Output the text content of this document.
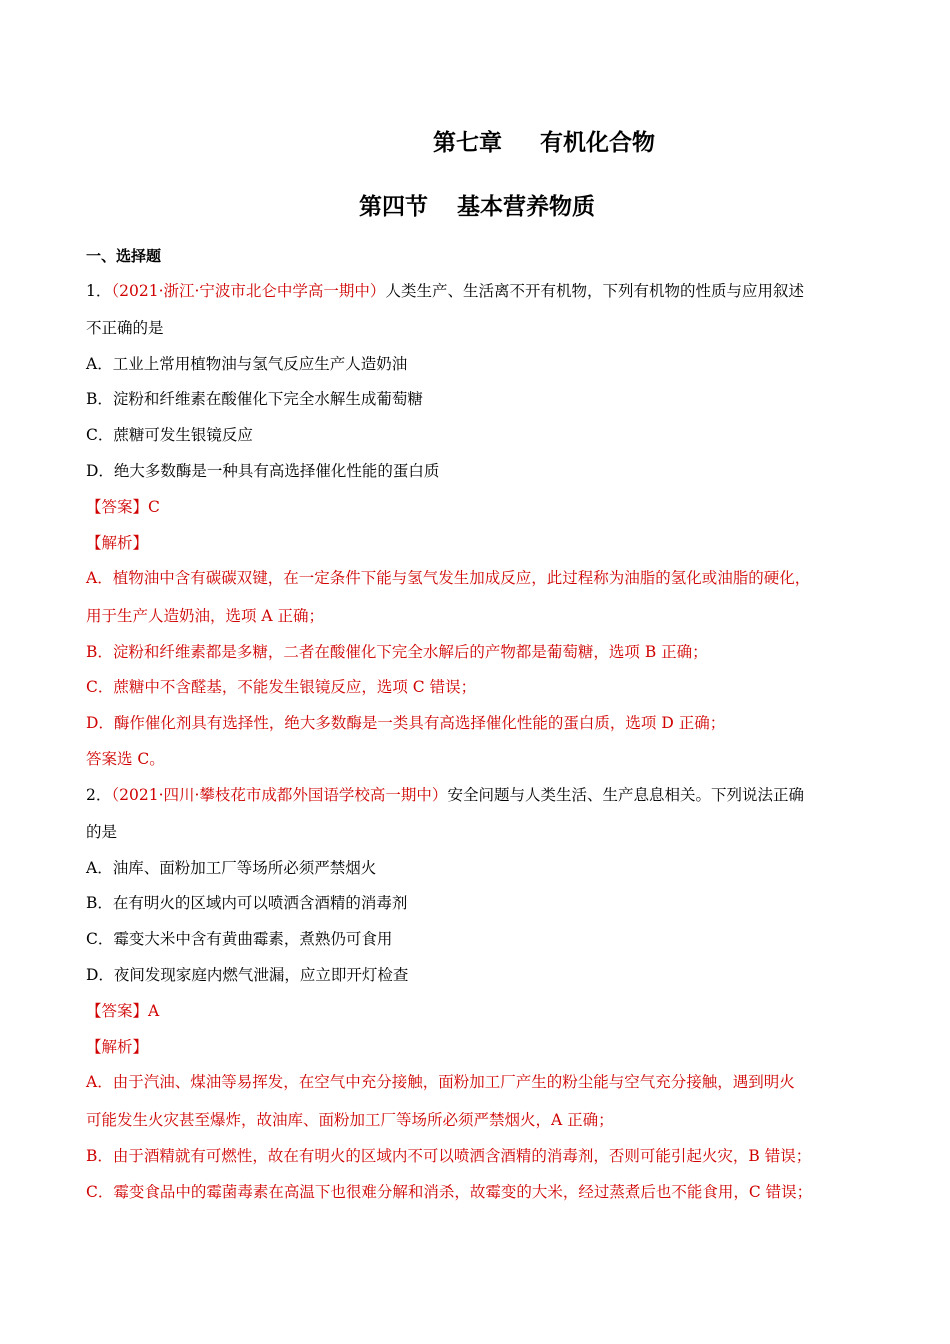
第七章 有机化合物
第四节 基本营养物质
一、选择题
1．（2021·浙江·宁波市北仑中学高一期中）人类生产、生活离不开有机物，下列有机物的性质与应用叙述
不正确的是
A．工业上常用植物油与氢气反应生产人造奶油
B．淀粉和纤维素在酸催化下完全水解生成葡萄糖
C．蔗糖可发生银镜反应
D．绝大多数酶是一种具有高选择催化性能的蛋白质
【答案】C
【解析】
A．植物油中含有碳碳双键，在一定条件下能与氢气发生加成反应，此过程称为油脂的氢化或油脂的硬化，
用于生产人造奶油，选项 A 正确；
B．淀粉和纤维素都是多糖，二者在酸催化下完全水解后的产物都是葡萄糖，选项 B 正确；
C．蔗糖中不含醛基，不能发生银镜反应，选项 C 错误；
D．酶作催化剂具有选择性，绝大多数酶是一类具有高选择催化性能的蛋白质，选项 D 正确；
答案选 C。
2．（2021·四川·攀枝花市成都外国语学校高一期中）安全问题与人类生活、生产息息相关。下列说法正确
的是
A．油库、面粉加工厂等场所必须严禁烟火
B．在有明火的区域内可以喷洒含酒精的消毒剂
C．霉变大米中含有黄曲霉素，煮熟仍可食用
D．夜间发现家庭内燃气泄漏，应立即开灯检查
【答案】A
【解析】
A．由于汽油、煤油等易挥发，在空气中充分接触，面粉加工厂产生的粉尘能与空气充分接触，遇到明火
可能发生火灾甚至爆炸，故油库、面粉加工厂等场所必须严禁烟火，A 正确；
B．由于酒精就有可燃性，故在有明火的区域内不可以喷洒含酒精的消毒剂，否则可能引起火灾，B 错误；
C．霉变食品中的霉菌毒素在高温下也很难分解和消杀，故霉变的大米，经过蒸煮后也不能食用，C 错误；
